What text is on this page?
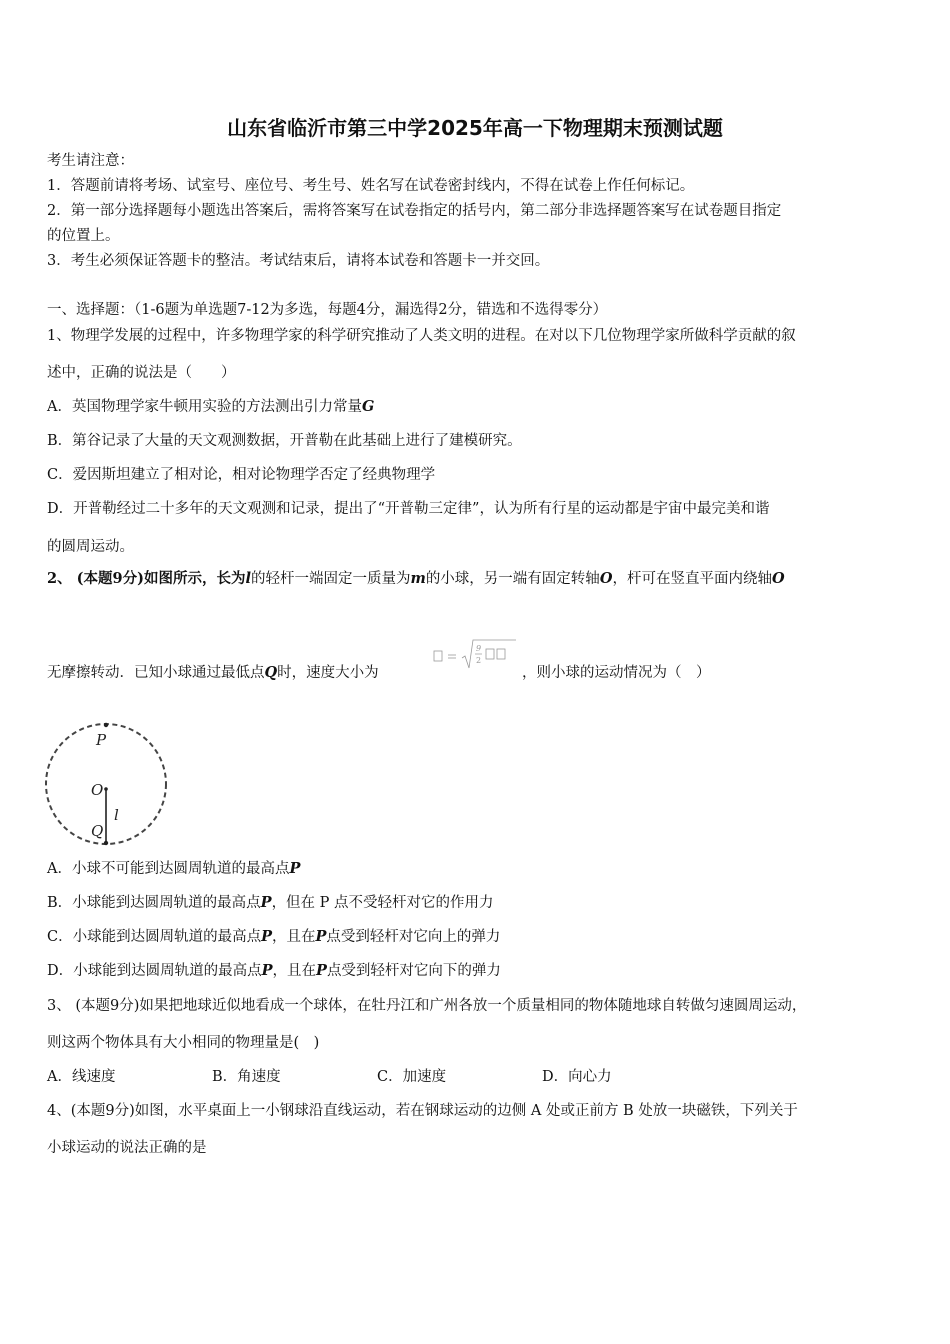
山东省临沂市第三中学2025年高一下物理期末预测试题
考生请注意：
1．答题前请将考场、试室号、座位号、考生号、姓名写在试卷密封线内，不得在试卷上作任何标记。
2．第一部分选择题每小题选出答案后，需将答案写在试卷指定的括号内，第二部分非选择题答案写在试卷题目指定
的位置上。
3．考生必须保证答题卡的整洁。考试结束后，请将本试卷和答题卡一并交回。
一、选择题：（1-6题为单选题7-12为多选，每题4分，漏选得2分，错选和不选得零分）
1、物理学发展的过程中，许多物理学家的科学研究推动了人类文明的进程。在对以下几位物理学家所做科学贡献的叙
述中，正确的说法是（　　）
A．英国物理学家牛顿用实验的方法测出引力常量G
B．第谷记录了大量的天文观测数据，开普勒在此基础上进行了建模研究。
C．爱因斯坦建立了相对论，相对论物理学否定了经典物理学
D．开普勒经过二十多年的天文观测和记录，提出了“开普勒三定律”，认为所有行星的运动都是宇宙中最完美和谐
的圆周运动。
2、 (本题9分)如图所示，长为l的轻杆一端固定一质量为m的小球，另一端有固定转轴O，杆可在竖直平面内绕轴O
无摩擦转动．已知小球通过最低点Q时，速度大小为
9
2
，则小球的运动情况为（　）
P
O
l
Q
A．小球不可能到达圆周轨道的最高点P
B．小球能到达圆周轨道的最高点P，但在 P 点不受轻杆对它的作用力
C．小球能到达圆周轨道的最高点P，且在P点受到轻杆对它向上的弹力
D．小球能到达圆周轨道的最高点P，且在P点受到轻杆对它向下的弹力
3、 (本题9分)如果把地球近似地看成一个球体，在牡丹江和广州各放一个质量相同的物体随地球自转做匀速圆周运动，
则这两个物体具有大小相同的物理量是(　)
A．线速度	B．角速度	C．加速度	D．向心力
4、(本题9分)如图，水平桌面上一小钢球沿直线运动，若在钢球运动的边侧 A 处或正前方 B 处放一块磁铁，下列关于
小球运动的说法正确的是
